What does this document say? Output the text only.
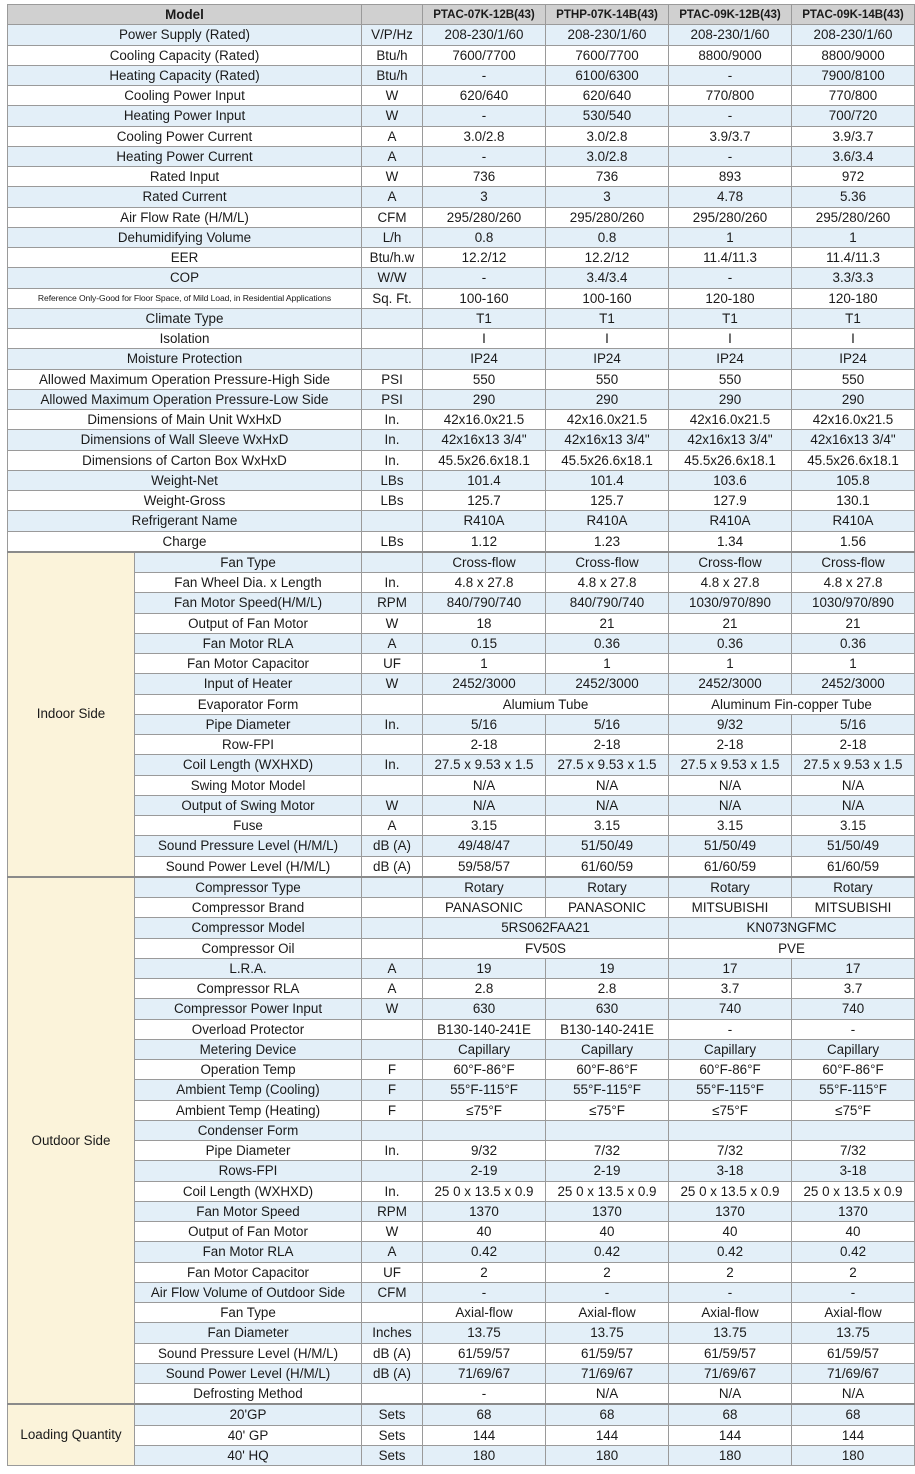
Model			PTAC-07K-12B(43)	PTHP-07K-14B(43)	PTAC-09K-12B(43)	PTAC-09K-14B(43)
Power Supply (Rated)		V/P/Hz	208-230/1/60	208-230/1/60	208-230/1/60	208-230/1/60
Cooling Capacity (Rated)		Btu/h	7600/7700	7600/7700	8800/9000	8800/9000
Heating Capacity (Rated)		Btu/h	-	6100/6300	-	7900/8100
Cooling Power Input		W	620/640	620/640	770/800	770/800
Heating Power Input		W	-	530/540	-	700/720
Cooling Power Current		A	3.0/2.8	3.0/2.8	3.9/3.7	3.9/3.7
Heating Power Current		A	-	3.0/2.8	-	3.6/3.4
Rated Input		W	736	736	893	972
Rated Current		A	3	3	4.78	5.36
Air Flow Rate (H/M/L)		CFM	295/280/260	295/280/260	295/280/260	295/280/260
Dehumidifying Volume		L/h	0.8	0.8	1	1
EER		Btu/h.w	12.2/12	12.2/12	11.4/11.3	11.4/11.3
COP		W/W	-	3.4/3.4	-	3.3/3.3
Reference Only-Good for Floor Space, of Mild Load, in Residential Applications		Sq. Ft.	100-160	100-160	120-180	120-180
Climate Type			T1	T1	T1	T1
Isolation			I	I	I	I
Moisture Protection			IP24	IP24	IP24	IP24
Allowed Maximum Operation Pressure-High Side		PSI	550	550	550	550
Allowed Maximum Operation Pressure-Low Side		PSI	290	290	290	290
Dimensions of Main Unit WxHxD		In.	42x16.0x21.5	42x16.0x21.5	42x16.0x21.5	42x16.0x21.5
Dimensions of Wall Sleeve WxHxD		In.	42x16x13 3/4"	42x16x13 3/4"	42x16x13 3/4"	42x16x13 3/4"
Dimensions of Carton Box WxHxD		In.	45.5x26.6x18.1	45.5x26.6x18.1	45.5x26.6x18.1	45.5x26.6x18.1
Weight-Net		LBs	101.4	101.4	103.6	105.8
Weight-Gross		LBs	125.7	125.7	127.9	130.1
Refrigerant Name			R410A	R410A	R410A	R410A
Charge		LBs	1.12	1.23	1.34	1.56
Indoor Side	Fan Type		Cross-flow	Cross-flow	Cross-flow	Cross-flow
	Fan Wheel Dia. x Length	In.	4.8 x 27.8	4.8 x 27.8	4.8 x 27.8	4.8 x 27.8
	Fan Motor Speed(H/M/L)	RPM	840/790/740	840/790/740	1030/970/890	1030/970/890
	Output of Fan Motor	W	18	21	21	21
	Fan Motor RLA	A	0.15	0.36	0.36	0.36
	Fan Motor Capacitor	UF	1	1	1	1
	Input of Heater	W	2452/3000	2452/3000	2452/3000	2452/3000
	Evaporator Form		Alumium Tube		Aluminum Fin-copper Tube	
	Pipe Diameter	In.	5/16	5/16	9/32	5/16
	Row-FPI		2-18	2-18	2-18	2-18
	Coil Length (WXHXD)	In.	27.5 x 9.53 x 1.5	27.5 x 9.53 x 1.5	27.5 x 9.53 x 1.5	27.5 x 9.53 x 1.5
	Swing Motor Model		N/A	N/A	N/A	N/A
	Output of Swing Motor	W	N/A	N/A	N/A	N/A
	Fuse	A	3.15	3.15	3.15	3.15
	Sound Pressure Level (H/M/L)	dB (A)	49/48/47	51/50/49	51/50/49	51/50/49
	Sound Power Level (H/M/L)	dB (A)	59/58/57	61/60/59	61/60/59	61/60/59
Outdoor Side	Compressor Type		Rotary	Rotary	Rotary	Rotary
	Compressor Brand		PANASONIC	PANASONIC	MITSUBISHI	MITSUBISHI
	Compressor Model		5RS062FAA21		KN073NGFMC	
	Compressor Oil		FV50S		PVE	
	L.R.A.	A	19	19	17	17
	Compressor RLA	A	2.8	2.8	3.7	3.7
	Compressor Power Input	W	630	630	740	740
	Overload Protector		B130-140-241E	B130-140-241E	-	-
	Metering Device		Capillary	Capillary	Capillary	Capillary
	Operation Temp	F	60°F-86°F	60°F-86°F	60°F-86°F	60°F-86°F
	Ambient Temp (Cooling)	F	55°F-115°F	55°F-115°F	55°F-115°F	55°F-115°F
	Ambient Temp (Heating)	F	≤75°F	≤75°F	≤75°F	≤75°F
	Condenser Form					
	Pipe Diameter	In.	9/32	7/32	7/32	7/32
	Rows-FPI		2-19	2-19	3-18	3-18
	Coil Length (WXHXD)	In.	25 0 x 13.5 x 0.9	25 0 x 13.5 x 0.9	25 0 x 13.5 x 0.9	25 0 x 13.5 x 0.9
	Fan Motor Speed	RPM	1370	1370	1370	1370
	Output of Fan Motor	W	40	40	40	40
	Fan Motor RLA	A	0.42	0.42	0.42	0.42
	Fan Motor Capacitor	UF	2	2	2	2
	Air Flow Volume of Outdoor Side	CFM	-	-	-	-
	Fan Type		Axial-flow	Axial-flow	Axial-flow	Axial-flow
	Fan Diameter	Inches	13.75	13.75	13.75	13.75
	Sound Pressure Level (H/M/L)	dB (A)	61/59/57	61/59/57	61/59/57	61/59/57
	Sound Power Level (H/M/L)	dB (A)	71/69/67	71/69/67	71/69/67	71/69/67
	Defrosting Method		-	N/A	N/A	N/A
Loading Quantity	20'GP	Sets	68	68	68	68
	40' GP	Sets	144	144	144	144
	40' HQ	Sets	180	180	180	180
